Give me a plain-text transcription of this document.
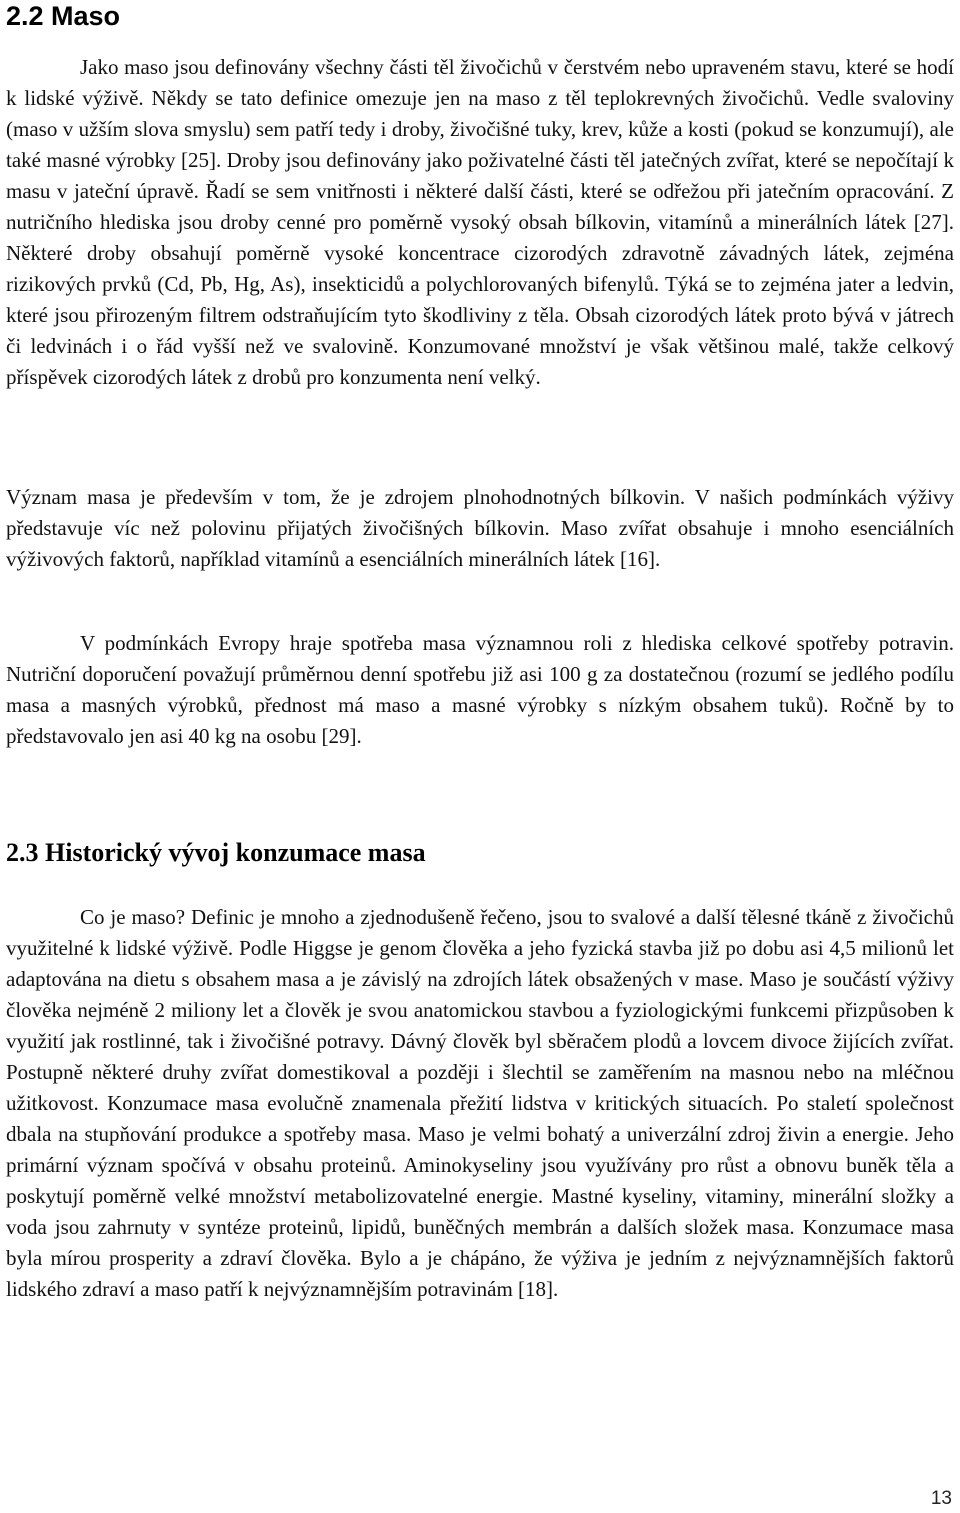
2.2 Maso

Jako maso jsou definovány všechny části těl živočichů v čerstvém nebo upraveném stavu, které se hodí k lidské výživě. Někdy se tato definice omezuje jen na maso z těl teplokrevných živočichů. Vedle svaloviny (maso v užším slova smyslu) sem patří tedy i droby, živočišné tuky, krev, kůže a kosti (pokud se konzumují), ale také masné výrobky [25]. Droby jsou definovány jako poživatelné části těl jatečných zvířat, které se nepočítají k masu v jateční úpravě. Řadí se sem vnitřnosti i některé další části, které se odřežou při jatečním opracování. Z nutričního hlediska jsou droby cenné pro poměrně vysoký obsah bílkovin, vitamínů a minerálních látek [27]. Některé droby obsahují poměrně vysoké koncentrace cizorodých zdravotně závadných látek, zejména rizikových prvků (Cd, Pb, Hg, As), insekticidů a polychlorovaných bifenylů. Týká se to zejména jater a ledvin, které jsou přirozeným filtrem odstraňujícím tyto škodliviny z těla. Obsah cizorodých látek proto bývá v játrech či ledvinách i o řád vyšší než ve svalovině. Konzumované množství je však většinou malé, takže celkový příspěvek cizorodých látek z drobů pro konzumenta není velký.

Význam masa je především v tom, že je zdrojem plnohodnotných bílkovin. V našich podmínkách výživy představuje víc než polovinu přijatých živočišných bílkovin. Maso zvířat obsahuje i mnoho esenciálních výživových faktorů, například vitamínů a esenciálních minerálních látek [16].

V podmínkách Evropy hraje spotřeba masa významnou roli z hlediska celkové spotřeby potravin. Nutriční doporučení považují průměrnou denní spotřebu již asi 100 g za dostatečnou (rozumí se jedlého podílu masa a masných výrobků, přednost má maso a masné výrobky s nízkým obsahem tuků). Ročně by to představovalo jen asi 40 kg na osobu [29].

2.3 Historický vývoj konzumace masa

Co je maso? Definic je mnoho a zjednodušeně řečeno, jsou to svalové a další tělesné tkáně z živočichů využitelné k lidské výživě. Podle Higgse je genom člověka a jeho fyzická stavba již po dobu asi 4,5 milionů let adaptována na dietu s obsahem masa a je závislý na zdrojích látek obsažených v mase. Maso je součástí výživy člověka nejméně 2 miliony let a člověk je svou anatomickou stavbou a fyziologickými funkcemi přizpůsoben k využití jak rostlinné, tak i živočišné potravy. Dávný člověk byl sběračem plodů a lovcem divoce žijících zvířat. Postupně některé druhy zvířat domestikoval a později i šlechtil se zaměřením na masnou nebo na mléčnou užitkovost. Konzumace masa evolučně znamenala přežití lidstva v kritických situacích. Po staletí společnost dbala na stupňování produkce a spotřeby masa. Maso je velmi bohatý a univerzální zdroj živin a energie. Jeho primární význam spočívá v obsahu proteinů. Aminokyseliny jsou využívány pro růst a obnovu buněk těla a poskytují poměrně velké množství metabolizovatelné energie. Mastné kyseliny, vitaminy, minerální složky a voda jsou zahrnuty v syntéze proteinů, lipidů, buněčných membrán a dalších složek masa. Konzumace masa byla mírou prosperity a zdraví člověka. Bylo a je chápáno, že výživa je jedním z nejvýznamnějších faktorů lidského zdraví a maso patří k nejvýznamnějším potravinám [18].

13
